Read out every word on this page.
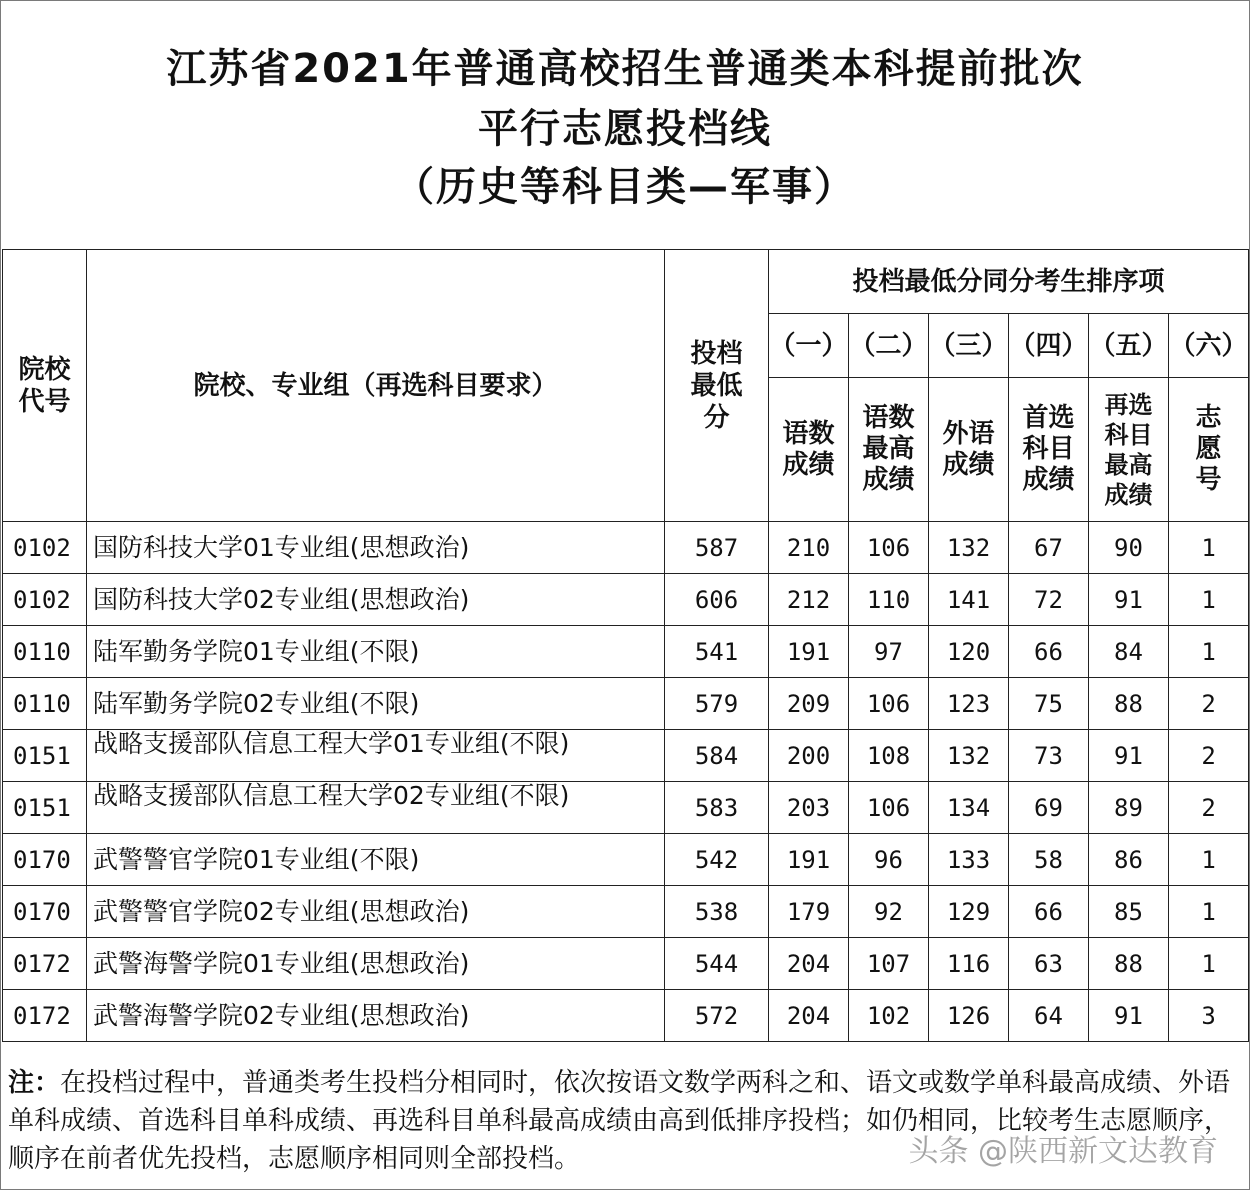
江苏省2021年普通高校招生普通类本科提前批次
平行志愿投档线
（历史等科目类—军事）
院校代号	院校、专业组（再选科目要求）	投档最低分	投档最低分同分考生排序项					
			（一）	（二）	（三）	（四）	（五）	（六）

			语数成绩	语数最高成绩	外语成绩	首选科目成绩	再选科目最高成绩	志愿号

0102	国防科技大学01专业组(思想政治)	587	210	106	132	67	90	1
0102	国防科技大学02专业组(思想政治)	606	212	110	141	72	91	1
0110	陆军勤务学院01专业组(不限)	541	191	97	120	66	84	1
0110	陆军勤务学院02专业组(不限)	579	209	106	123	75	88	2
0151	战略支援部队信息工程大学01专业组(不限)	584	200	108	132	73	91	2
0151	战略支援部队信息工程大学02专业组(不限)	583	203	106	134	69	89	2
0170	武警警官学院01专业组(不限)	542	191	96	133	58	86	1
0170	武警警官学院02专业组(思想政治)	538	179	92	129	66	85	1
0172	武警海警学院01专业组(思想政治)	544	204	107	116	63	88	1
0172	武警海警学院02专业组(思想政治)	572	204	102	126	64	91	3
注：在投档过程中，普通类考生投档分相同时，依次按语文数学两科之和、语文或数学单科最高成绩、外语单科成绩、首选科目单科成绩、再选科目单科最高成绩由高到低排序投档；如仍相同，比较考生志愿顺序，顺序在前者优先投档，志愿顺序相同则全部投档。	头条 @陕西新文达教育
